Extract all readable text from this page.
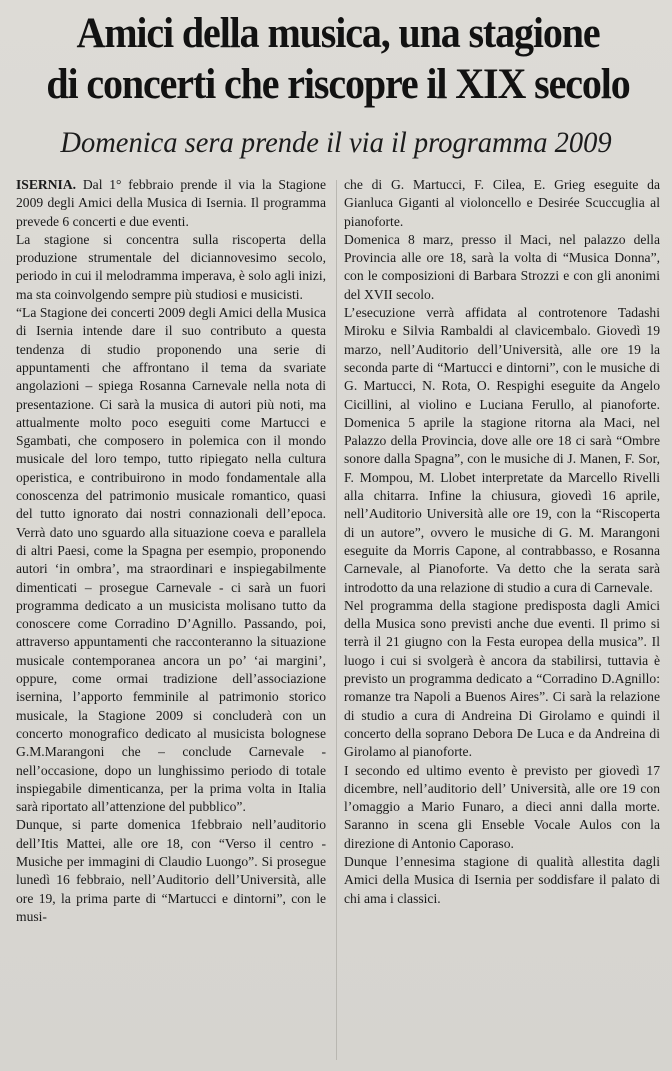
Amici della musica, una stagione
di concerti che riscopre il XIX secolo
Domenica sera prende il via il programma 2009

ISERNIA. Dal 1° febbraio prende il via la Stagione 2009 degli Amici della Musica di Isernia. Il programma prevede 6 concerti e due eventi.

La stagione si concentra sulla riscoperta della produzione strumentale del diciannovesimo secolo, periodo in cui il melodramma imperava, è solo agli inizi, ma sta coinvolgendo sempre più studiosi e musicisti.

“La Stagione dei concerti 2009 degli Amici della Musica di Isernia intende dare il suo contributo a questa tendenza di studio proponendo una serie di appuntamenti che affrontano il tema da svariate angolazioni – spiega Rosanna Carnevale nella nota di presentazione. Ci sarà la musica di autori più noti, ma attualmente molto poco eseguiti come Martucci e Sgambati, che composero in polemica con il mondo musicale del loro tempo, tutto ripiegato nella cultura operistica, e contribuirono in modo fondamentale alla conoscenza del patrimonio musicale romantico, quasi del tutto ignorato dai nostri connazionali dell’epoca. Verrà dato uno sguardo alla situazione coeva e parallela di altri Paesi, come la Spagna per esempio, proponendo autori ‘in ombra’, ma straordinari e inspiegabilmente dimenticati – prosegue Carnevale - ci sarà un fuori programma dedicato a un musicista molisano tutto da conoscere come Corradino D’Agnillo. Passando, poi, attraverso appuntamenti che racconteranno la situazione musicale contemporanea ancora un po’ ‘ai margini’, oppure, come ormai tradizione dell’associazione isernina, l’apporto femminile al patrimonio storico musicale, la Stagione 2009 si concluderà con un concerto monografico dedicato al musicista bolognese G.M.Marangoni che – conclude Carnevale - nell’occasione, dopo un lunghissimo periodo di totale inspiegabile dimenticanza, per la prima volta in Italia sarà riportato all’attenzione del pubblico”.

Dunque, si parte domenica 1febbraio nell’auditorio dell’Itis Mattei, alle ore 18, con “Verso il centro - Musiche per immagini di Claudio Luongo”. Si prosegue lunedì 16 febbraio, nell’Auditorio dell’Università, alle ore 19, la prima parte di “Martucci e dintorni”, con le musi-

che di G. Martucci, F. Cilea, E. Grieg eseguite da Gianluca Giganti al violoncello e Desirée Scuccuglia al pianoforte.

Domenica 8 marz, presso il Maci, nel palazzo della Provincia alle ore 18, sarà la volta di “Musica Donna”, con le composizioni di Barbara Strozzi e con gli anonimi del XVII secolo.

L’esecuzione verrà affidata al controtenore Tadashi Miroku e Silvia Rambaldi al clavicembalo. Giovedì 19 marzo, nell’Auditorio dell’Università, alle ore 19 la seconda parte di “Martucci e dintorni”, con le musiche di G. Martucci, N. Rota, O. Respighi eseguite da Angelo Cicillini, al violino e Luciana Ferullo, al pianoforte. Domenica 5 aprile la stagione ritorna ala Maci, nel Palazzo della Provincia, dove alle ore 18 ci sarà “Ombre sonore dalla Spagna”, con le musiche di J. Manen, F. Sor, F. Mompou, M. Llobet interpretate da Marcello Rivelli alla chitarra. Infine la chiusura, giovedì 16 aprile, nell’Auditorio Università alle ore 19, con la “Riscoperta di un autore”, ovvero le musiche di G. M. Marangoni eseguite da Morris Capone, al contrabbasso, e Rosanna Carnevale, al Pianoforte. Va detto che la serata sarà introdotto da una relazione di studio a cura di Carnevale.

Nel programma della stagione predisposta dagli Amici della Musica sono previsti anche due eventi. Il primo si terrà il 21 giugno con la Festa europea della musica”. Il luogo i cui si svolgerà è ancora da stabilirsi, tuttavia è previsto un programma dedicato a “Corradino D.Agnillo: romanze tra Napoli a Buenos Aires”. Ci sarà la relazione di studio a cura di Andreina Di Girolamo e quindi il concerto della soprano Debora De Luca e da Andreina di Girolamo al pianoforte.

I secondo ed ultimo evento è previsto per giovedì 17 dicembre, nell’auditorio dell’ Università, alle ore 19 con l’omaggio a Mario Funaro, a dieci anni dalla morte. Saranno in scena gli Enseble Vocale Aulos con la direzione di Antonio Caporaso.

Dunque l’ennesima stagione di qualità allestita dagli Amici della Musica di Isernia per soddisfare il palato di chi ama i classici.
